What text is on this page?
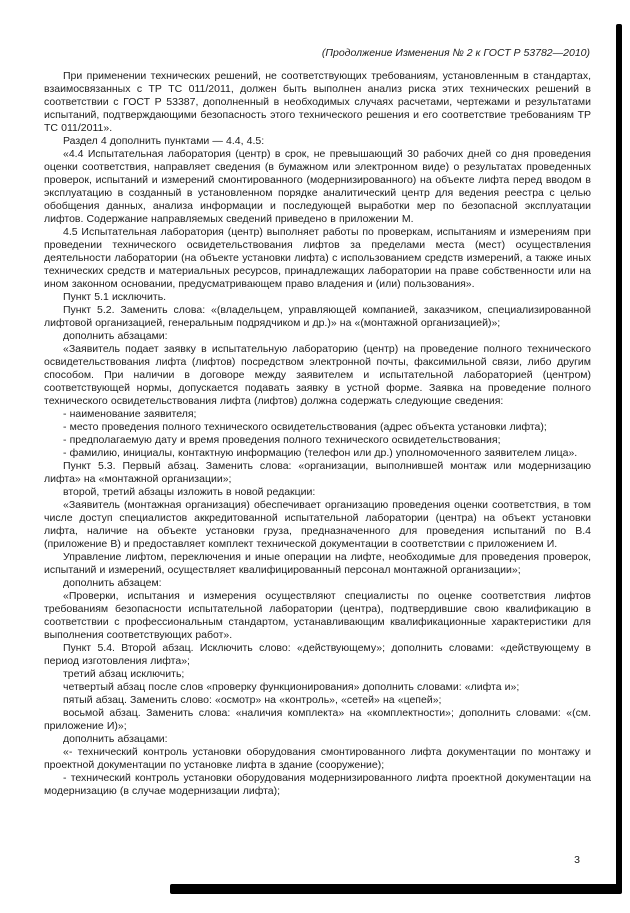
(Продолжение Изменения № 2 к ГОСТ Р 53782—2010)

При применении технических решений, не соответствующих требованиям, установленным в стандартах, взаимосвязанных с ТР ТС 011/2011, должен быть выполнен анализ риска этих технических решений в соответствии с ГОСТ Р 53387, дополненный в необходимых случаях расчетами, чертежами и результатами испытаний, подтверждающими безопасность этого технического решения и его соответствие требованиям ТР ТС 011/2011».

Раздел 4 дополнить пунктами — 4.4, 4.5:

«4.4 Испытательная лаборатория (центр) в срок, не превышающий 30 рабочих дней со дня проведения оценки соответствия, направляет сведения (в бумажном или электронном виде) о результатах проведенных проверок, испытаний и измерений смонтированного (модернизированного) на объекте лифта перед вводом в эксплуатацию в созданный в установленном порядке аналитический центр для ведения реестра с целью обобщения данных, анализа информации и последующей выработки мер по безопасной эксплуатации лифтов. Содержание направляемых сведений приведено в приложении М.

4.5 Испытательная лаборатория (центр) выполняет работы по проверкам, испытаниям и измерениям при проведении технического освидетельствования лифтов за пределами места (мест) осуществления деятельности лаборатории (на объекте установки лифта) с использованием средств измерений, а также иных технических средств и материальных ресурсов, принадлежащих лаборатории на праве собственности или на ином законном основании, предусматривающем право владения и (или) пользования».

Пункт 5.1 исключить.

Пункт 5.2. Заменить слова: «(владельцем, управляющей компанией, заказчиком, специализированной лифтовой организацией, генеральным подрядчиком и др.)» на «(монтажной организацией)»;

дополнить абзацами:

«Заявитель подает заявку в испытательную лабораторию (центр) на проведение полного технического освидетельствования лифта (лифтов) посредством электронной почты, факсимильной связи, либо другим способом. При наличии в договоре между заявителем и испытательной лабораторией (центром) соответствующей нормы, допускается подавать заявку в устной форме. Заявка на проведение полного технического освидетельствования лифта (лифтов) должна содержать следующие сведения:

- наименование заявителя;

- место проведения полного технического освидетельствования (адрес объекта установки лифта);

- предполагаемую дату и время проведения полного технического освидетельствования;

- фамилию, инициалы, контактную информацию (телефон или др.) уполномоченного заявителем лица».

Пункт 5.3. Первый абзац. Заменить слова: «организации, выполнившей монтаж или модернизацию лифта» на «монтажной организации»;

второй, третий абзацы изложить в новой редакции:

«Заявитель (монтажная организация) обеспечивает организацию проведения оценки соответствия, в том числе доступ специалистов аккредитованной испытательной лаборатории (центра) на объект установки лифта, наличие на объекте установки груза, предназначенного для проведения испытаний по В.4 (приложение В) и предоставляет комплект технической документации в соответствии с приложением И.

Управление лифтом, переключения и иные операции на лифте, необходимые для проведения проверок, испытаний и измерений, осуществляет квалифицированный персонал монтажной организации»;

дополнить абзацем:

«Проверки, испытания и измерения осуществляют специалисты по оценке соответствия лифтов требованиям безопасности испытательной лаборатории (центра), подтвердившие свою квалификацию в соответствии с профессиональным стандартом, устанавливающим квалификационные характеристики для выполнения соответствующих работ».

Пункт 5.4. Второй абзац. Исключить слово: «действующему»; дополнить словами: «действующему в период изготовления лифта»;

третий абзац исключить;

четвертый абзац после слов «проверку функционирования» дополнить словами: «лифта и»;

пятый абзац. Заменить слово: «осмотр» на «контроль», «сетей» на «цепей»;

восьмой абзац. Заменить слова: «наличия комплекта» на «комплектности»; дополнить словами: «(см. приложение И)»;

дополнить абзацами:

«- технический контроль установки оборудования смонтированного лифта документации по монтажу и проектной документации по установке лифта в здание (сооружение);

- технический контроль установки оборудования модернизированного лифта проектной документации на модернизацию (в случае модернизации лифта);

3
